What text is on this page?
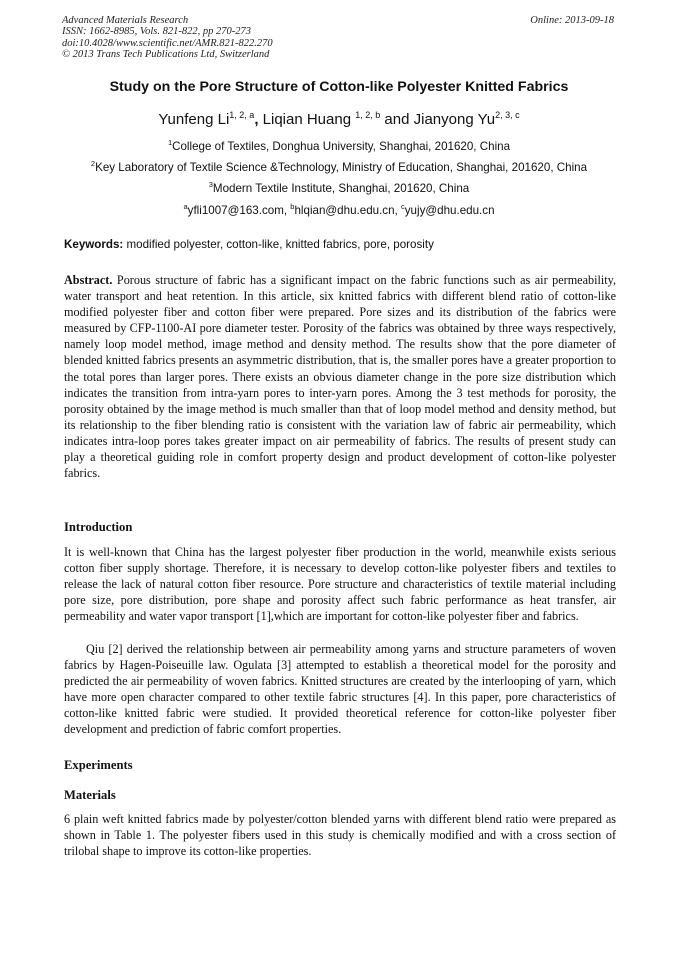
Advanced Materials Research
ISSN: 1662-8985, Vols. 821-822, pp 270-273
doi:10.4028/www.scientific.net/AMR.821-822.270
© 2013 Trans Tech Publications Ltd, Switzerland
Online: 2013-09-18
Study on the Pore Structure of Cotton-like Polyester Knitted Fabrics
Yunfeng Li$^{1, 2, a}$, Liqian Huang $^{1, 2, b}$ and Jianyong Yu$^{2, 3, c}$
$^1$College of Textiles, Donghua University, Shanghai, 201620, China
$^2$Key Laboratory of Textile Science &Technology, Ministry of Education, Shanghai, 201620, China
$^3$Modern Textile Institute, Shanghai, 201620, China
$^a$yfli1007@163.com, $^b$hlqian@dhu.edu.cn, $^c$yujy@dhu.edu.cn
Keywords: modified polyester, cotton-like, knitted fabrics, pore, porosity

Abstract. Porous structure of fabric has a significant impact on the fabric functions such as air permeability, water transport and heat retention. In this article, six knitted fabrics with different blend ratio of cotton-like modified polyester fiber and cotton fiber were prepared. Pore sizes and its distribution of the fabrics were measured by CFP-1100-AI pore diameter tester. Porosity of the fabrics was obtained by three ways respectively, namely loop model method, image method and density method. The results show that the pore diameter of blended knitted fabrics presents an asymmetric distribution, that is, the smaller pores have a greater proportion to the total pores than larger pores. There exists an obvious diameter change in the pore size distribution which indicates the transition from intra-yarn pores to inter-yarn pores. Among the 3 test methods for porosity, the porosity obtained by the image method is much smaller than that of loop model method and density method, but its relationship to the fiber blending ratio is consistent with the variation law of fabric air permeability, which indicates intra-loop pores takes greater impact on air permeability of fabrics. The results of present study can play a theoretical guiding role in comfort property design and product development of cotton-like polyester fabrics.

Introduction

It is well-known that China has the largest polyester fiber production in the world, meanwhile exists serious cotton fiber supply shortage. Therefore, it is necessary to develop cotton-like polyester fibers and textiles to release the lack of natural cotton fiber resource. Pore structure and characteristics of textile material including pore size, pore distribution, pore shape and porosity affect such fabric performance as heat transfer, air permeability and water vapor transport [1],which are important for cotton-like polyester fiber and fabrics.

Qiu [2] derived the relationship between air permeability among yarns and structure parameters of woven fabrics by Hagen-Poiseuille law. Ogulata [3] attempted to establish a theoretical model for the porosity and predicted the air permeability of woven fabrics. Knitted structures are created by the interlooping of yarn, which have more open character compared to other textile fabric structures [4]. In this paper, pore characteristics of cotton-like knitted fabric were studied. It provided theoretical reference for cotton-like polyester fiber development and prediction of fabric comfort properties.

Experiments
Materials

6 plain weft knitted fabrics made by polyester/cotton blended yarns with different blend ratio were prepared as shown in Table 1. The polyester fibers used in this study is chemically modified and with a cross section of trilobal shape to improve its cotton-like properties.
